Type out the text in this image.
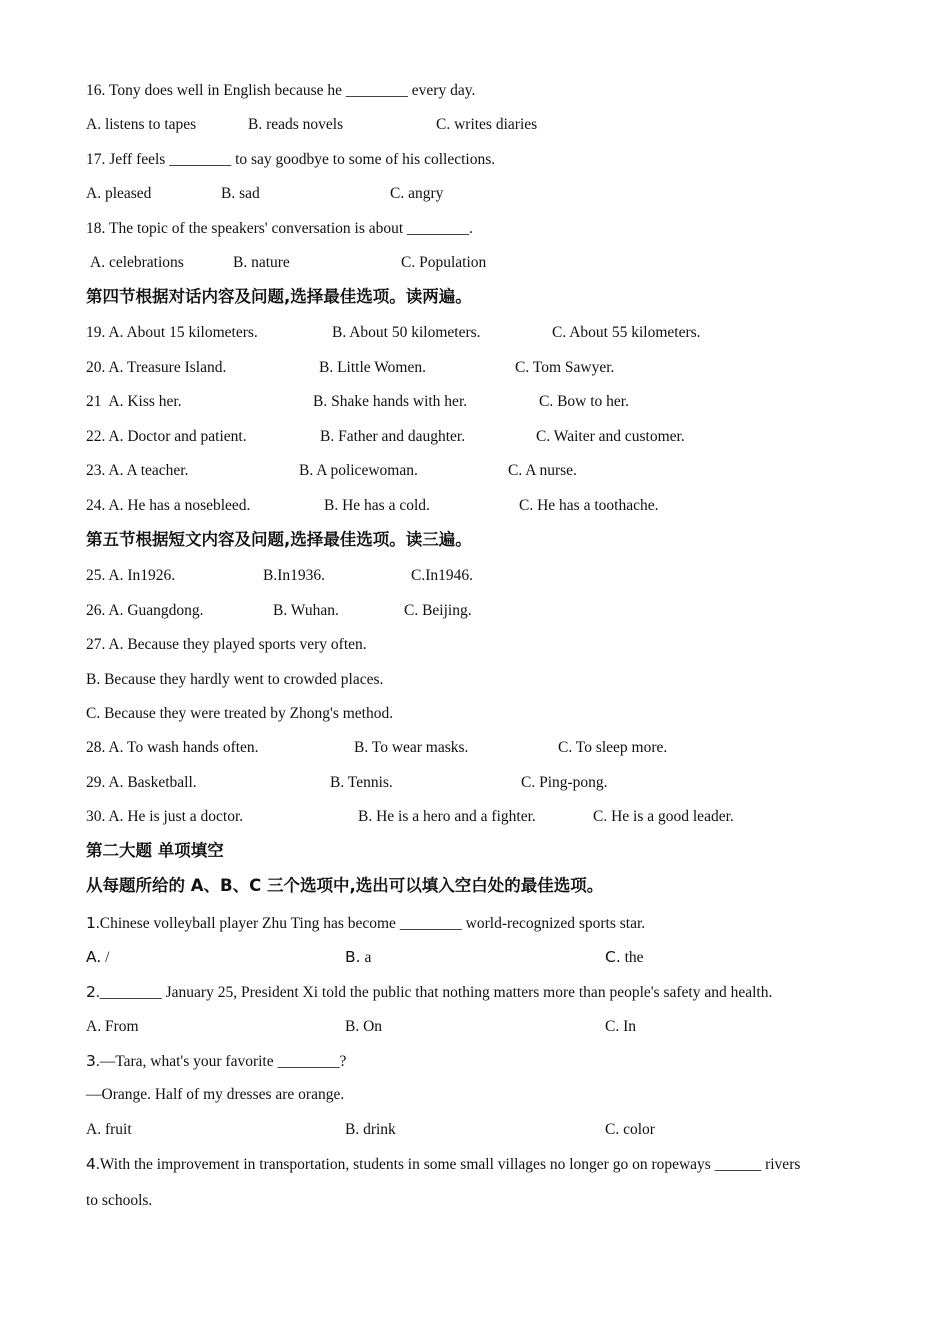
16. Tony does well in English because he ________ every day.
A. listens to tapes	B. reads novels	C. writes diaries
17. Jeff feels ________ to say goodbye to some of his collections.
A. pleased	B. sad	C. angry
18. The topic of the speakers' conversation is about ________.
A. celebrations	B. nature	C. Population
第四节根据对话内容及问题,选择最佳选项。读两遍。
19. A. About 15 kilometers.	B. About 50 kilometers.	C. About 55 kilometers.
20. A. Treasure Island.	B. Little Women.	C. Tom Sawyer.
21  A. Kiss her.	B. Shake hands with her.	C. Bow to her.
22. A. Doctor and patient.	B. Father and daughter.	C. Waiter and customer.
23. A. A teacher.	B. A policewoman.	C. A nurse.
24. A. He has a nosebleed.	B. He has a cold.	C. He has a toothache.
第五节根据短文内容及问题,选择最佳选项。读三遍。
25. A. In1926.	B.In1936.	C.In1946.
26. A. Guangdong.	B. Wuhan.	C. Beijing.
27. A. Because they played sports very often.
B. Because they hardly went to crowded places.
C. Because they were treated by Zhong's method.
28. A. To wash hands often.	B. To wear masks.	C. To sleep more.
29. A. Basketball.	B. Tennis.	C. Ping-pong.
30. A. He is just a doctor.	B. He is a hero and a fighter.	C. He is a good leader.
第二大题 单项填空
从每题所给的 A、B、C 三个选项中,选出可以填入空白处的最佳选项。
1.Chinese volleyball player Zhu Ting has become ________ world-recognized sports star.
A. /	B. a	C. the
2.________ January 25, President Xi told the public that nothing matters more than people's safety and health.
A. From	B. On	C. In
3.—Tara, what's your favorite ________?
—Orange. Half of my dresses are orange.
A. fruit	B. drink	C. color
4.With the improvement in transportation, students in some small villages no longer go on ropeways ______ rivers
to schools.
